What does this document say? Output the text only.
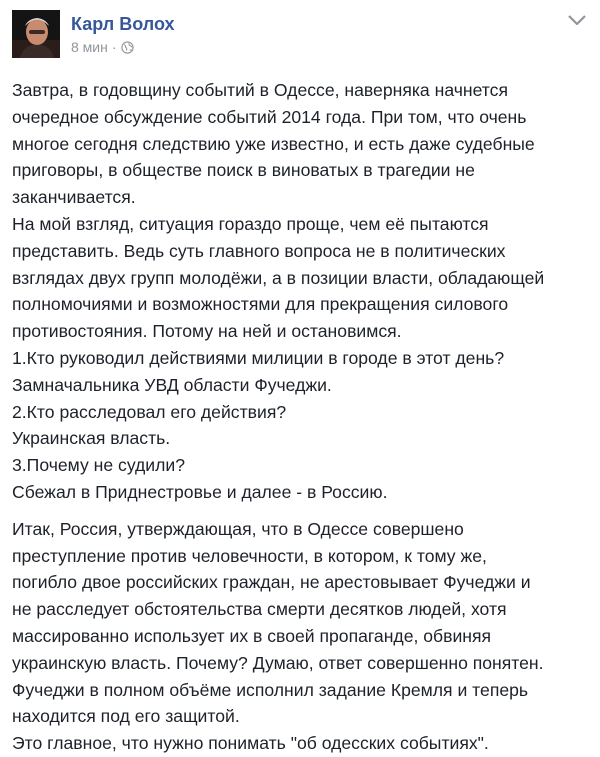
Карл Волох
8 мин ·

Завтра, в годовщину событий в Одессе, наверняка начнется
очередное обсуждение событий 2014 года. При том, что очень
многое сегодня следствию уже известно, и есть даже судебные
приговоры, в обществе поиск в виноватых в трагедии не
заканчивается.
На мой взгляд, ситуация гораздо проще, чем её пытаются
представить. Ведь суть главного вопроса не в политических
взглядах двух групп молодёжи, а в позиции власти, обладающей
полномочиями и возможностями для прекращения силового
противостояния. Потому на ней и остановимся.
1.Кто руководил действиями милиции в городе в этот день?
Замначальника УВД области Фучеджи.
2.Кто расследовал его действия?
Украинская власть.
3.Почему не судили?
Сбежал в Приднестровье и далее - в Россию.

Итак, Россия, утверждающая, что в Одессе совершено
преступление против человечности, в котором, к тому же,
погибло двое российских граждан, не арестовывает Фучеджи и
не расследует обстоятельства смерти десятков людей, хотя
массированно использует их в своей пропаганде, обвиняя
украинскую власть. Почему? Думаю, ответ совершенно понятен.
Фучеджи в полном объёме исполнил задание Кремля и теперь
находится под его защитой.
Это главное, что нужно понимать "об одесских событиях".
